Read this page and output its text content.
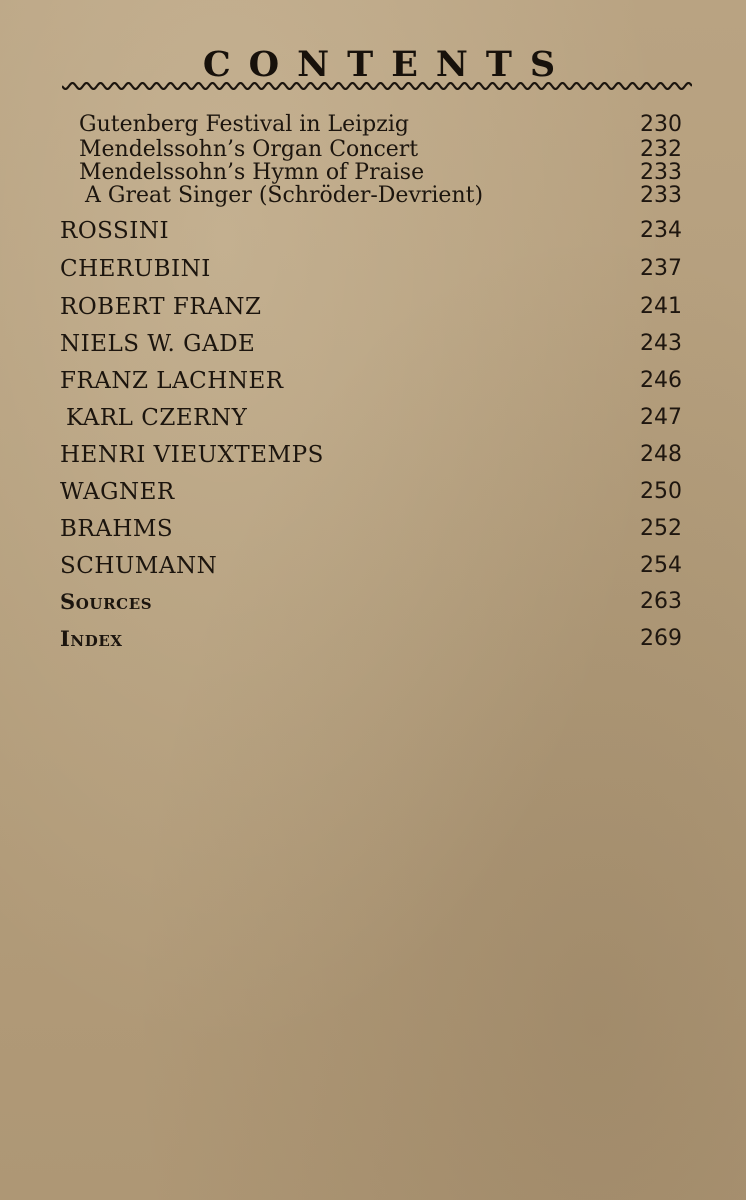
CONTENTS
Gutenberg Festival in Leipzig	230
Mendelssohn’s Organ Concert	232
Mendelssohn’s Hymn of Praise	233
A Great Singer (Schröder-Devrient)	233
ROSSINI	234
CHERUBINI	237
ROBERT FRANZ	241
NIELS W. GADE	243
FRANZ LACHNER	246
KARL CZERNY	247
HENRI VIEUXTEMPS	248
WAGNER	250
BRAHMS	252
SCHUMANN	254
Sources	263
Index	269
